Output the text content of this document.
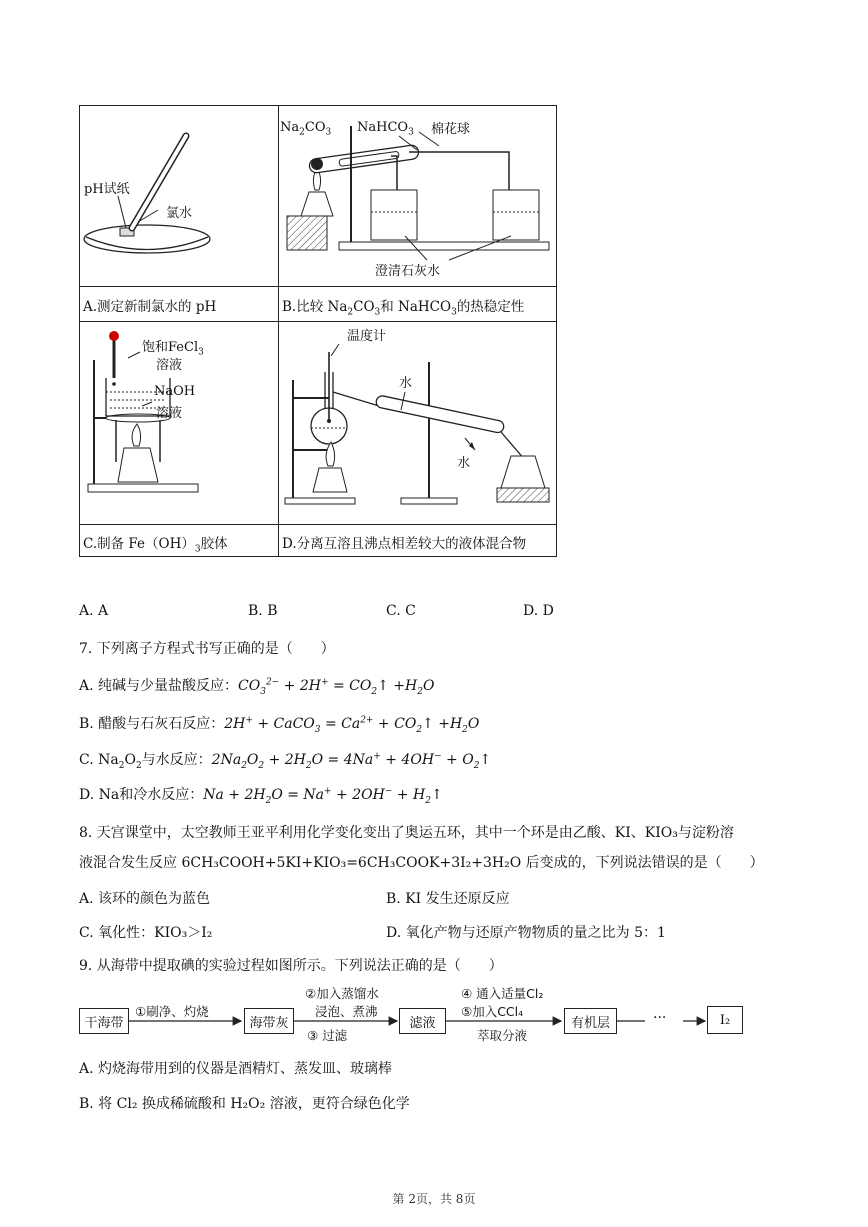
pH试纸
氯水
$Na_2CO_3$ NaHCO$_3$ 棉花球
澄清石灰水
A.测定新制氯水的 pH	B.比较 $Na_2CO_3$和 NaHCO$_3$的热稳定性
饱和FeCl$_3$
溶液
NaOH
溶液
温度计
水
水
C.制备 $Fe(OH)_3$胶体	D.分离互溶且沸点相差较大的液体混合物
A. A	B. B	C. C	D. D
7. 下列离子方程式书写正确的是（　　）
A. 纯碱与少量盐酸反应：$CO_3^{2-} + 2H^+$ = $CO_2↑ +H_2O$
B. 醋酸与石灰石反应：2H+ + CaCO$_3$ = $Ca^{2+}$ + $CO_2↑ +H_2O$
C. $Na_2O_2$与水反应：$2Na_2O_2 + 2H_2O = 4Na^+ + 4OH^-$ + $O_2↑$
D. Na和冷水反应：$Na + 2H_2O = Na^+ + 2OH^-$ + $H_2↑$
8. 天宫课堂中，太空教师王亚平利用化学变化变出了奥运五环，其中一个环是由乙酸、KI、KIO₃与淀粉溶
液混合发生反应 6CH₃COOH+5KI+KIO₃=6CH₃COOK+3I₂+3H₂O 后变成的，下列说法错误的是（　　）
A. 该环的颜色为蓝色	B. KI 发生还原反应
C. 氧化性：KIO₃＞I₂	D. 氧化产物与还原产物物质的量之比为 5：1
9. 从海带中提取碘的实验过程如图所示。下列说法正确的是（　　）
干海带
①刷净、灼烧
海带灰
②加入蒸馏水
浸泡、煮沸
③ 过滤
滤液
④ 通入适量Cl₂
⑤加入CCl₄
萃取分液
有机层	···	I₂
A. 灼烧海带用到的仪器是酒精灯、蒸发皿、玻璃棒
B. 将 Cl₂ 换成稀硫酸和 H₂O₂ 溶液，更符合绿色化学
第 2页，共 8页
